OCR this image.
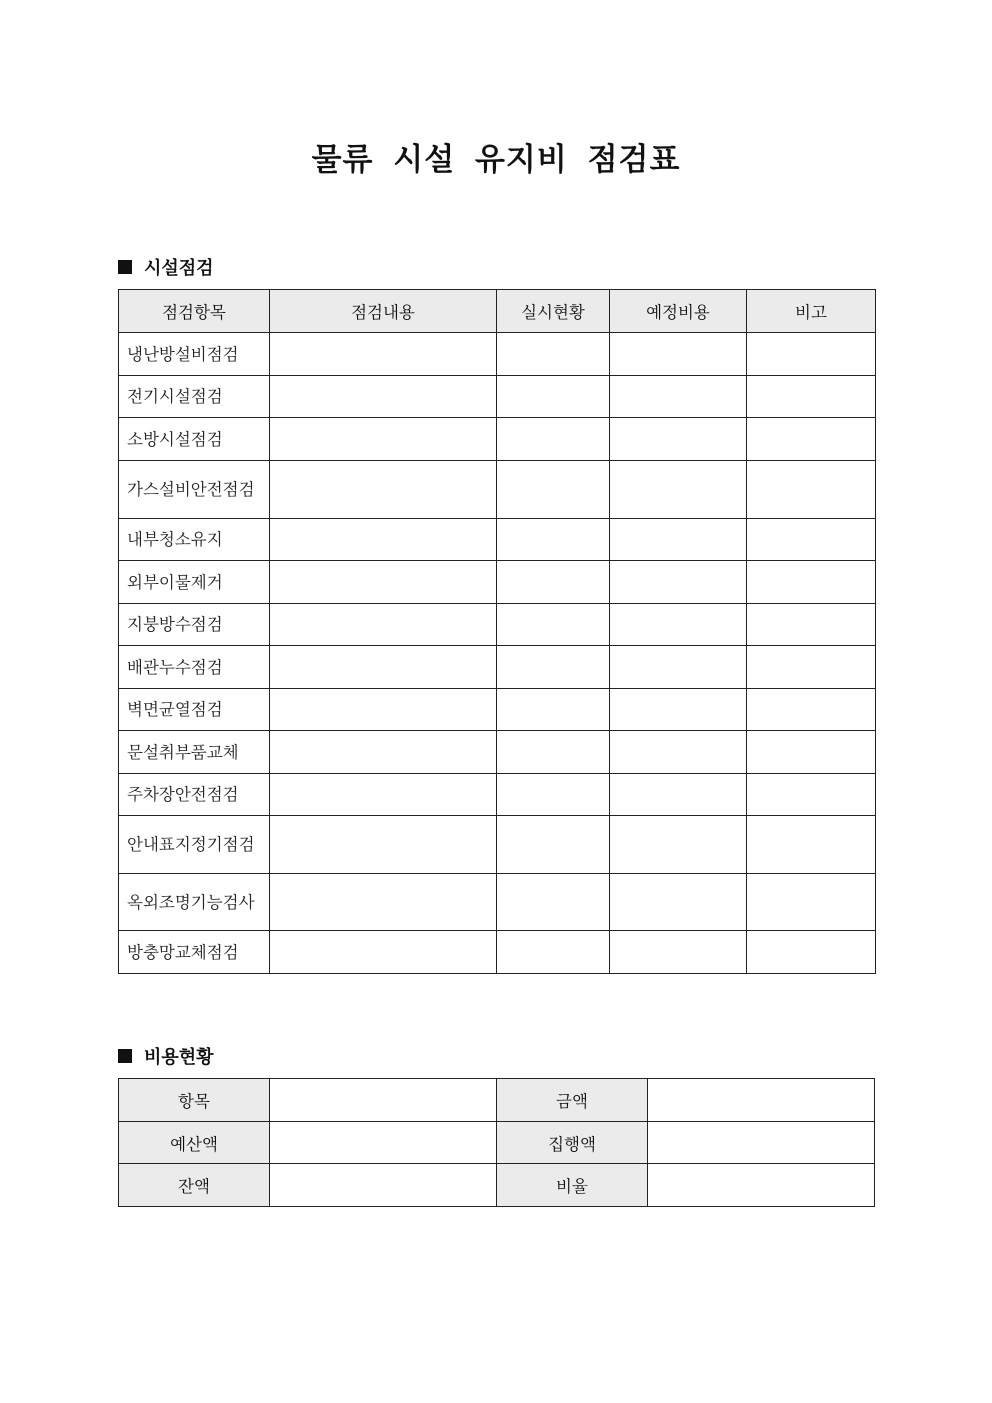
물류 시설 유지비 점검표
시설점검
점검항목	점검내용	실시현황	예정비용	비고
냉난방설비점검				
전기시설점검				
소방시설점검				
가스설비안전점검				
내부청소유지				
외부이물제거				
지붕방수점검				
배관누수점검				
벽면균열점검				
문설취부품교체				
주차장안전점검				
안내표지정기점검				
옥외조명기능검사				
방충망교체점검				
비용현황
항목		금액	
예산액		집행액	
잔액		비율	
